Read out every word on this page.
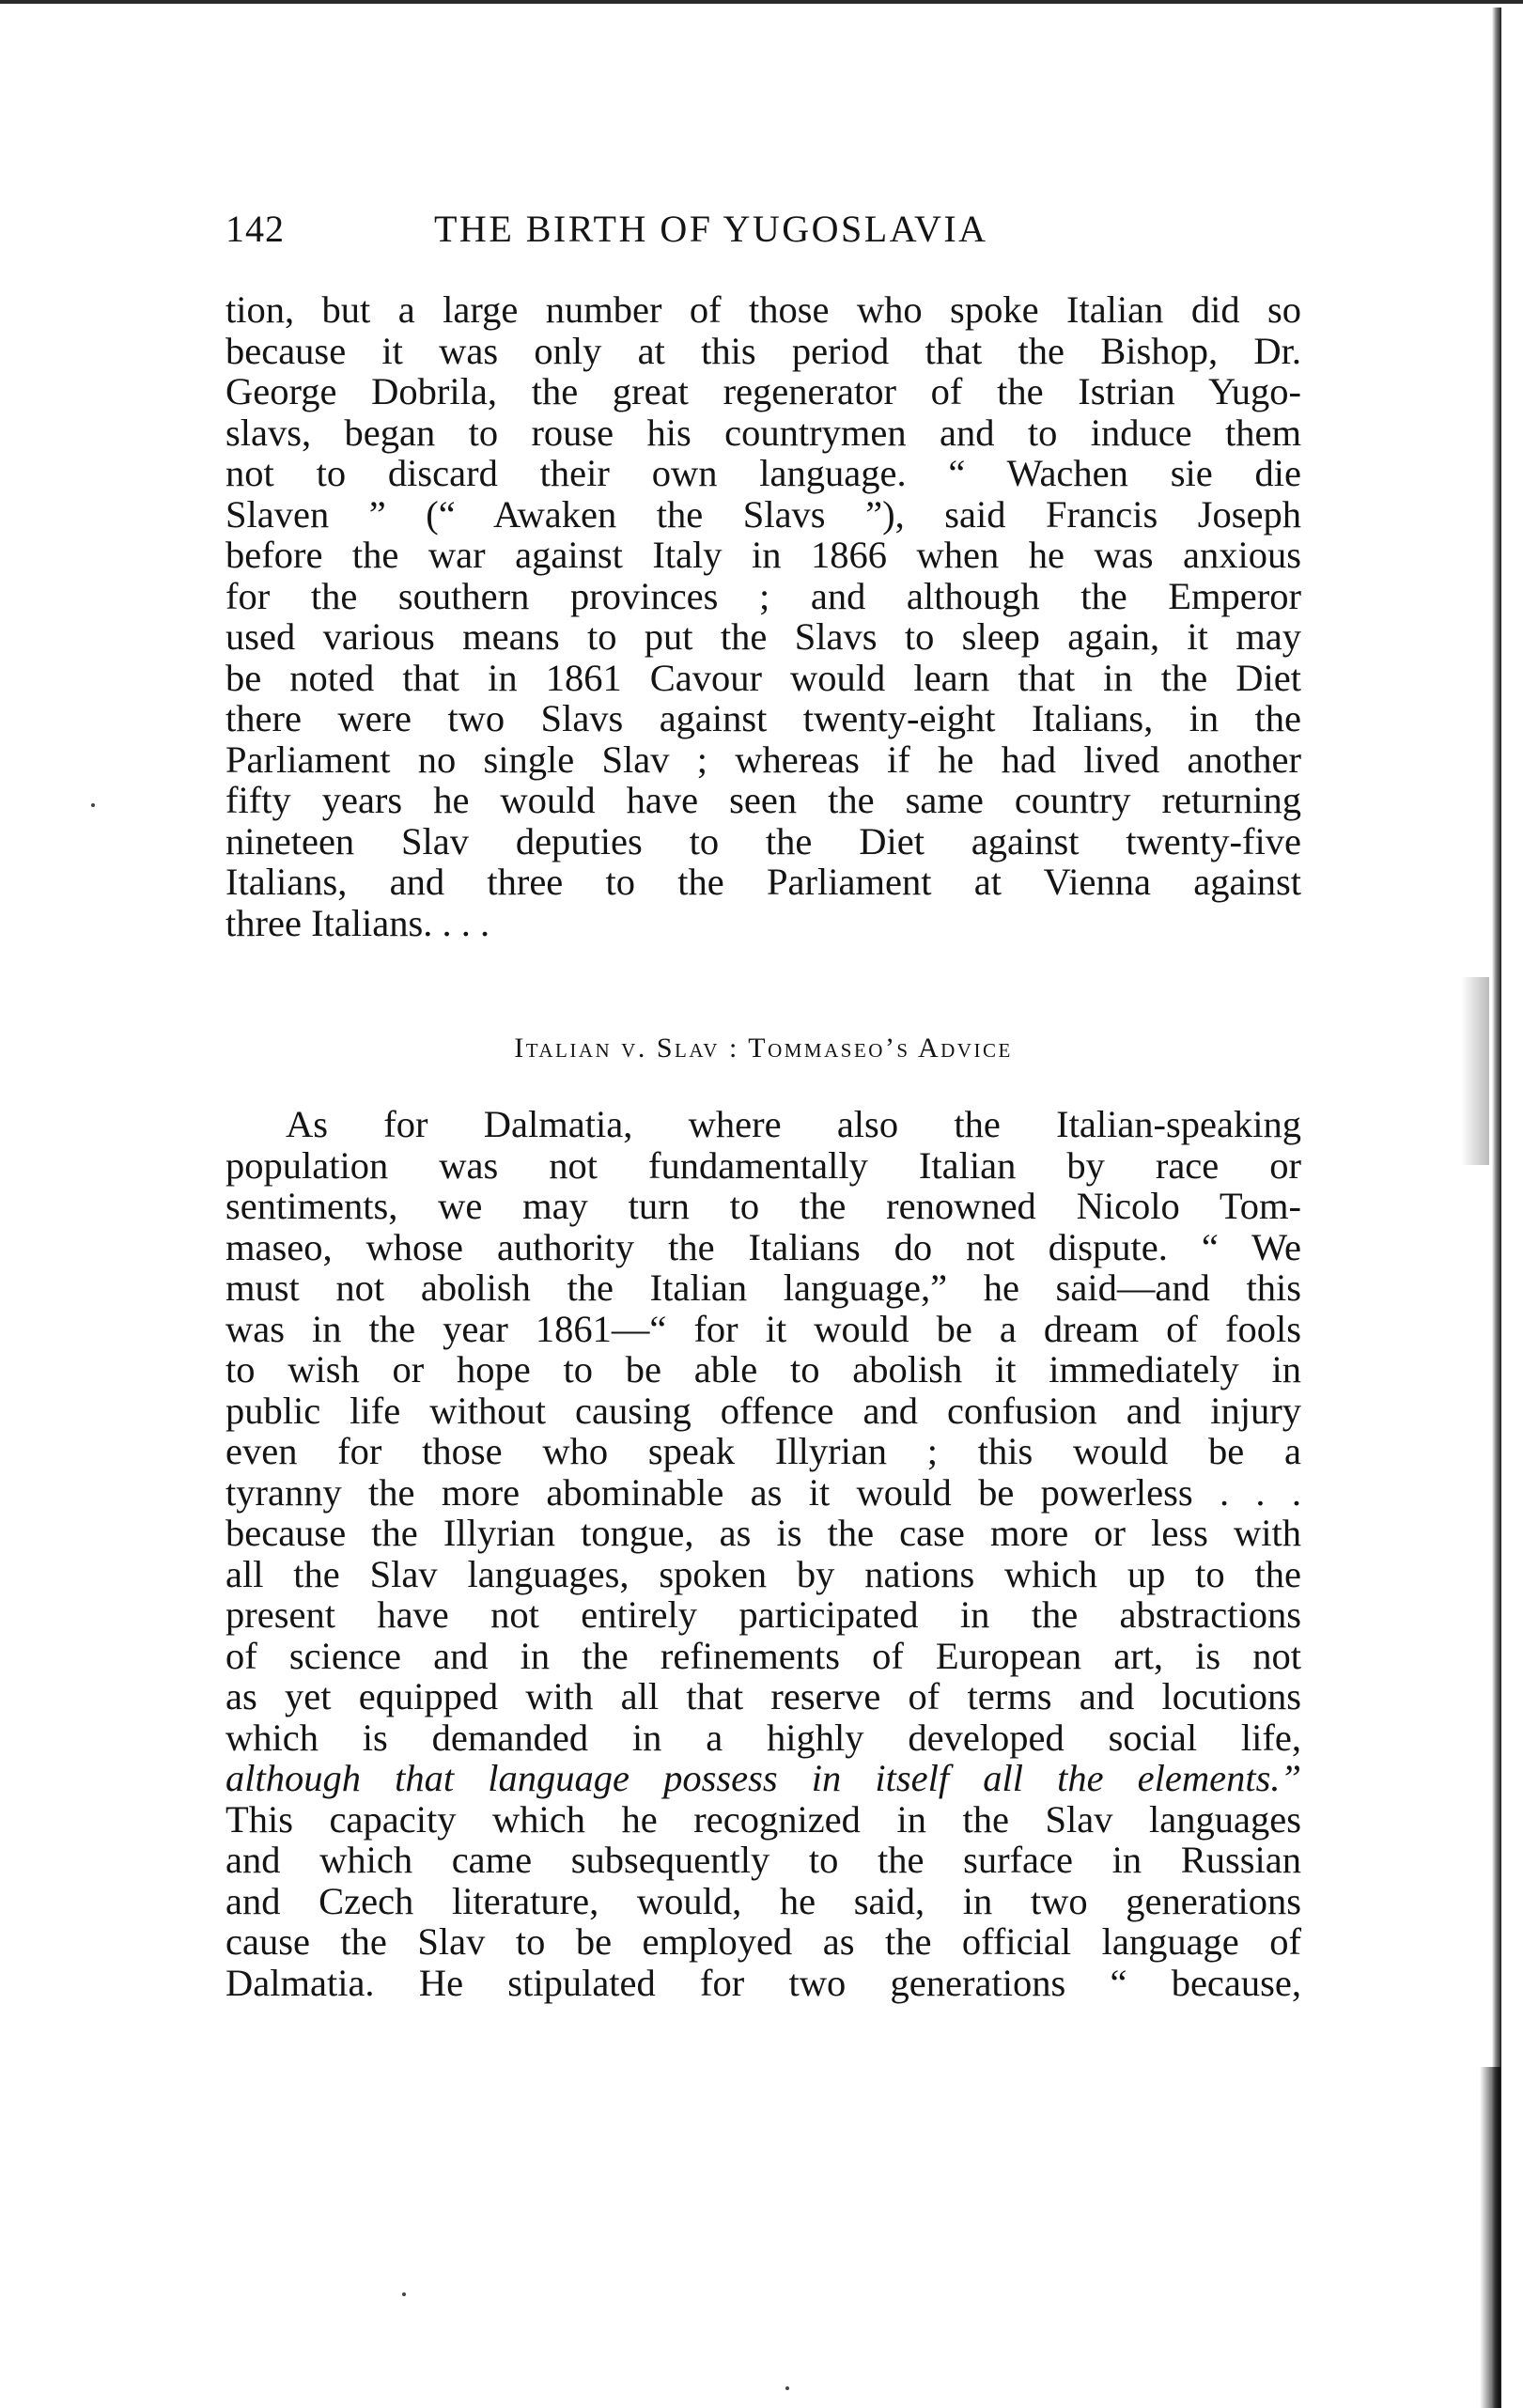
142	THE BIRTH OF YUGOSLAVIA
tion, but a large number of those who spoke Italian did so
because it was only at this period that the Bishop, Dr.
George Dobrila, the great regenerator of the Istrian Yugo-
slavs, began to rouse his countrymen and to induce them
not to discard their own language. “ Wachen sie die
Slaven ” (“ Awaken the Slavs ”), said Francis Joseph
before the war against Italy in 1866 when he was anxious
for the southern provinces ; and although the Emperor
used various means to put the Slavs to sleep again, it may
be noted that in 1861 Cavour would learn that in the Diet
there were two Slavs against twenty-eight Italians, in the
Parliament no single Slav ; whereas if he had lived another
fifty years he would have seen the same country returning
nineteen Slav deputies to the Diet against twenty-five
Italians, and three to the Parliament at Vienna against
three Italians. . . .
Italian v. Slav : Tommaseo’s Advice
As for Dalmatia, where also the Italian-speaking
population was not fundamentally Italian by race or
sentiments, we may turn to the renowned Nicolo Tom-
maseo, whose authority the Italians do not dispute. “ We
must not abolish the Italian language,” he said—and this
was in the year 1861—“ for it would be a dream of fools
to wish or hope to be able to abolish it immediately in
public life without causing offence and confusion and injury
even for those who speak Illyrian ; this would be a
tyranny the more abominable as it would be powerless . . .
because the Illyrian tongue, as is the case more or less with
all the Slav languages, spoken by nations which up to the
present have not entirely participated in the abstractions
of science and in the refinements of European art, is not
as yet equipped with all that reserve of terms and locutions
which is demanded in a highly developed social life,
although that language possess in itself all the elements.”
This capacity which he recognized in the Slav languages
and which came subsequently to the surface in Russian
and Czech literature, would, he said, in two generations
cause the Slav to be employed as the official language of
Dalmatia. He stipulated for two generations “ because,
